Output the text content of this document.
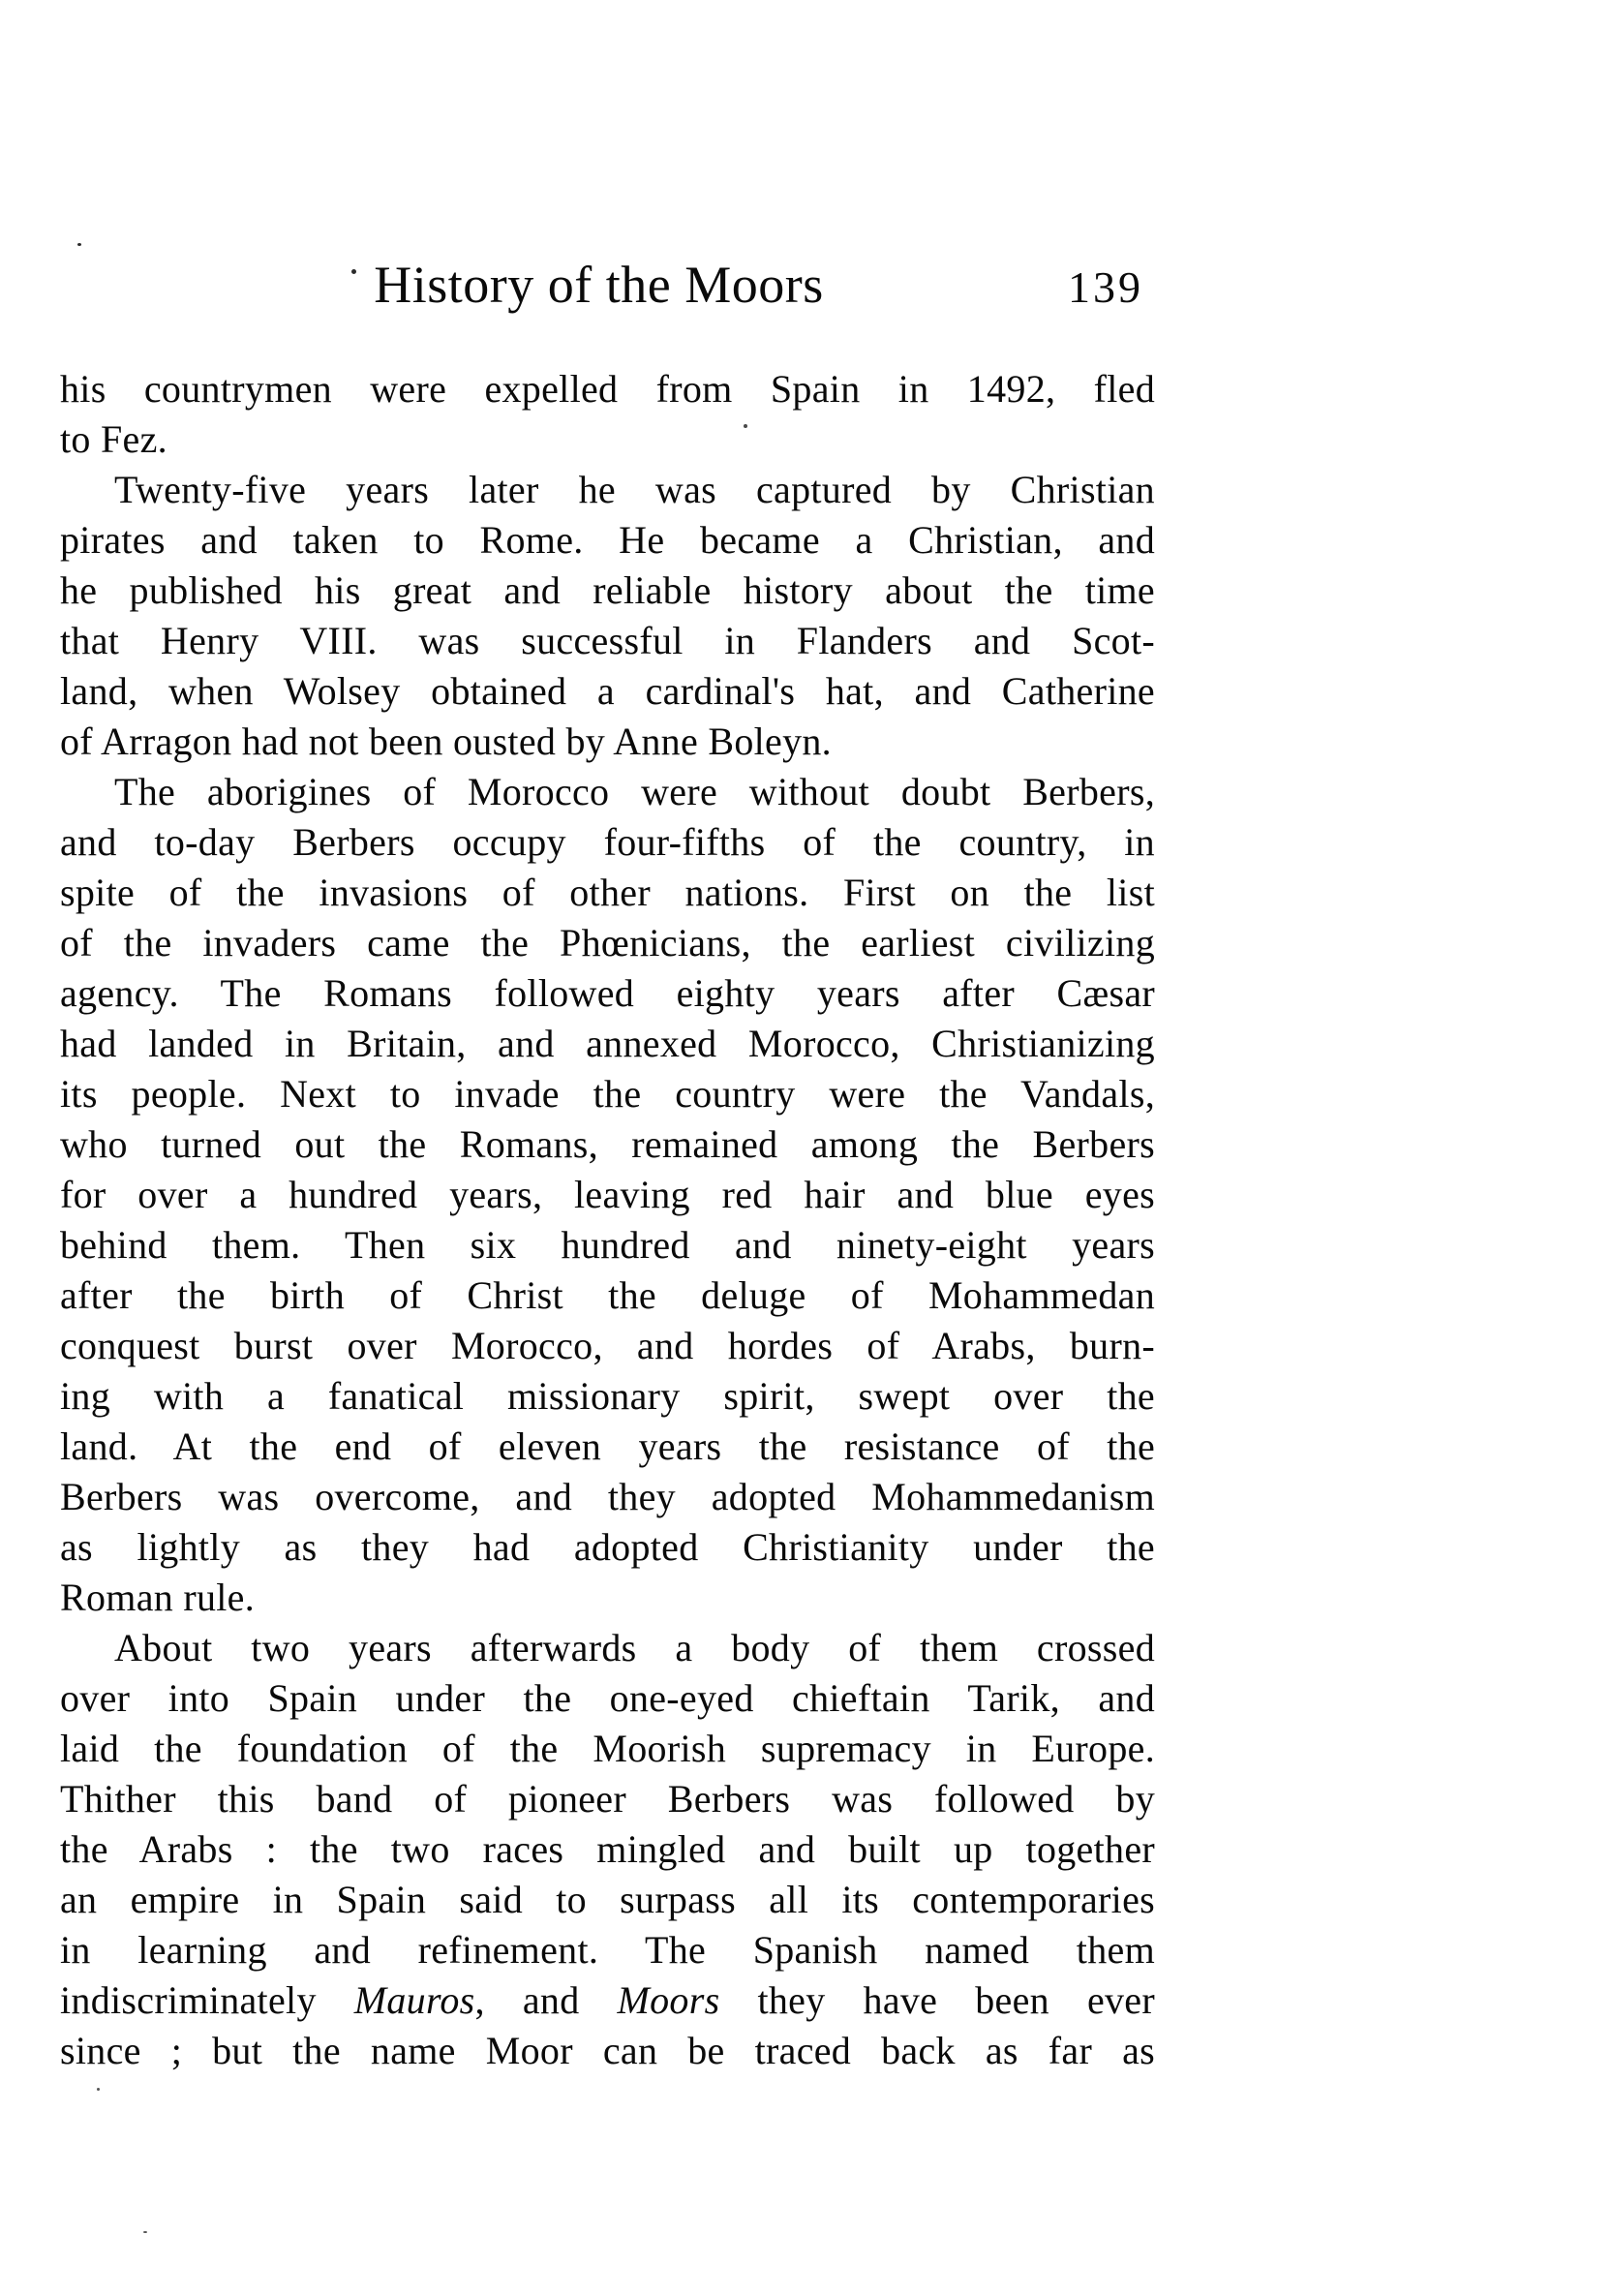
History of the Moors	139
his countrymen were expelled from Spain in 1492, fled
to Fez.
Twenty-five years later he was captured by Christian
pirates and taken to Rome. He became a Christian, and
he published his great and reliable history about the time
that Henry VIII. was successful in Flanders and Scot-
land, when Wolsey obtained a cardinal's hat, and Catherine
of Arragon had not been ousted by Anne Boleyn.
The aborigines of Morocco were without doubt Berbers,
and to-day Berbers occupy four-fifths of the country, in
spite of the invasions of other nations. First on the list
of the invaders came the Phœnicians, the earliest civilizing
agency. The Romans followed eighty years after Cæsar
had landed in Britain, and annexed Morocco, Christianizing
its people. Next to invade the country were the Vandals,
who turned out the Romans, remained among the Berbers
for over a hundred years, leaving red hair and blue eyes
behind them. Then six hundred and ninety-eight years
after the birth of Christ the deluge of Mohammedan
conquest burst over Morocco, and hordes of Arabs, burn-
ing with a fanatical missionary spirit, swept over the
land. At the end of eleven years the resistance of the
Berbers was overcome, and they adopted Mohammedanism
as lightly as they had adopted Christianity under the
Roman rule.
About two years afterwards a body of them crossed
over into Spain under the one-eyed chieftain Tarik, and
laid the foundation of the Moorish supremacy in Europe.
Thither this band of pioneer Berbers was followed by
the Arabs : the two races mingled and built up together
an empire in Spain said to surpass all its contemporaries
in learning and refinement. The Spanish named them
indiscriminately Mauros, and Moors they have been ever
since ; but the name Moor can be traced back as far as
